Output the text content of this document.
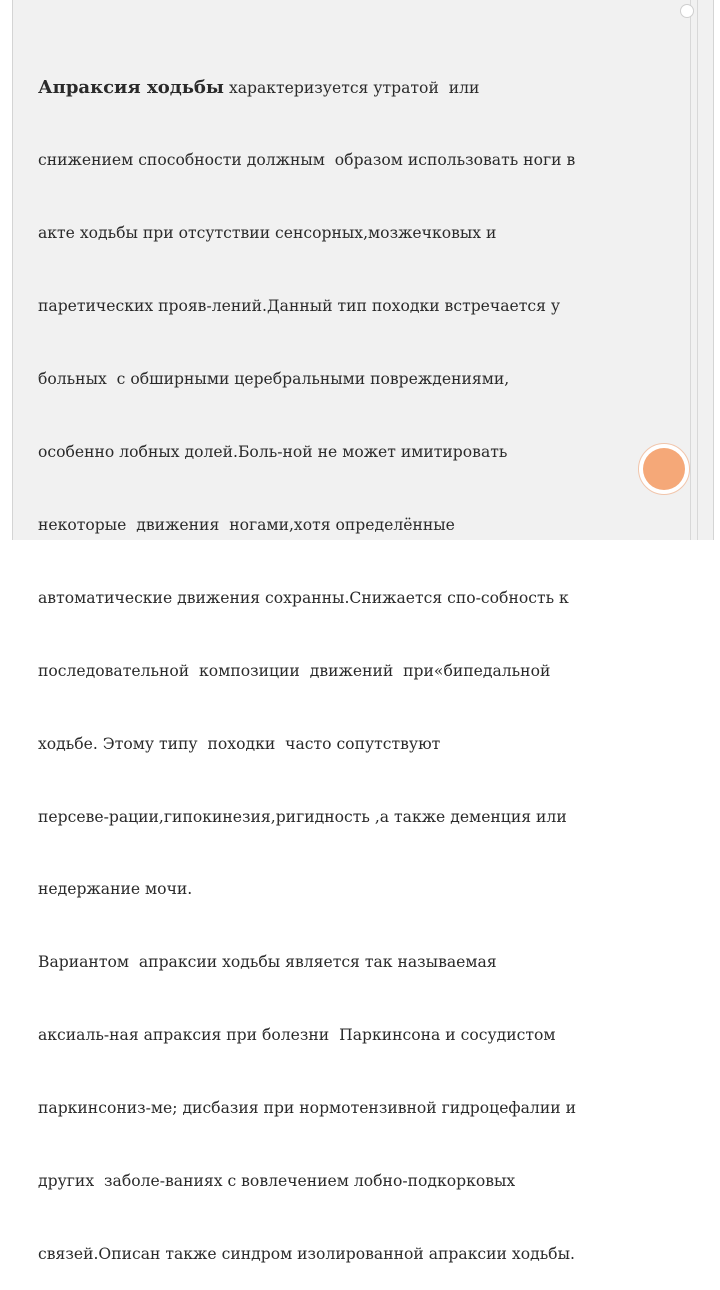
Апраксия ходьбы характеризуется утратой  или

снижением способности должным  образом использовать ноги в

акте ходьбы при отсутствии сенсорных,мозжечковых и

паретических прояв-лений.Данный тип походки встречается у

больных  с обширными церебральными повреждениями,

особенно лобных долей.Боль-ной не может имитировать

некоторые  движения  ногами,хотя определённые

автоматические движения сохранны.Снижается спо-собность к

последовательной  композиции  движений  при«бипедальной

ходьбе. Этому типу  походки  часто сопутствуют

персеве-рации,гипокинезия,ригидность ,а также деменция или

недержание мочи.

Вариантом  апраксии ходьбы является так называемая

аксиаль-ная апраксия при болезни  Паркинсона и сосудистом

паркинсониз-ме; дисбазия при нормотензивной гидроцефалии и

других  заболе-ваниях с вовлечением лобно-подкорковых

связей.Описан также синдром изолированной апраксии ходьбы.
